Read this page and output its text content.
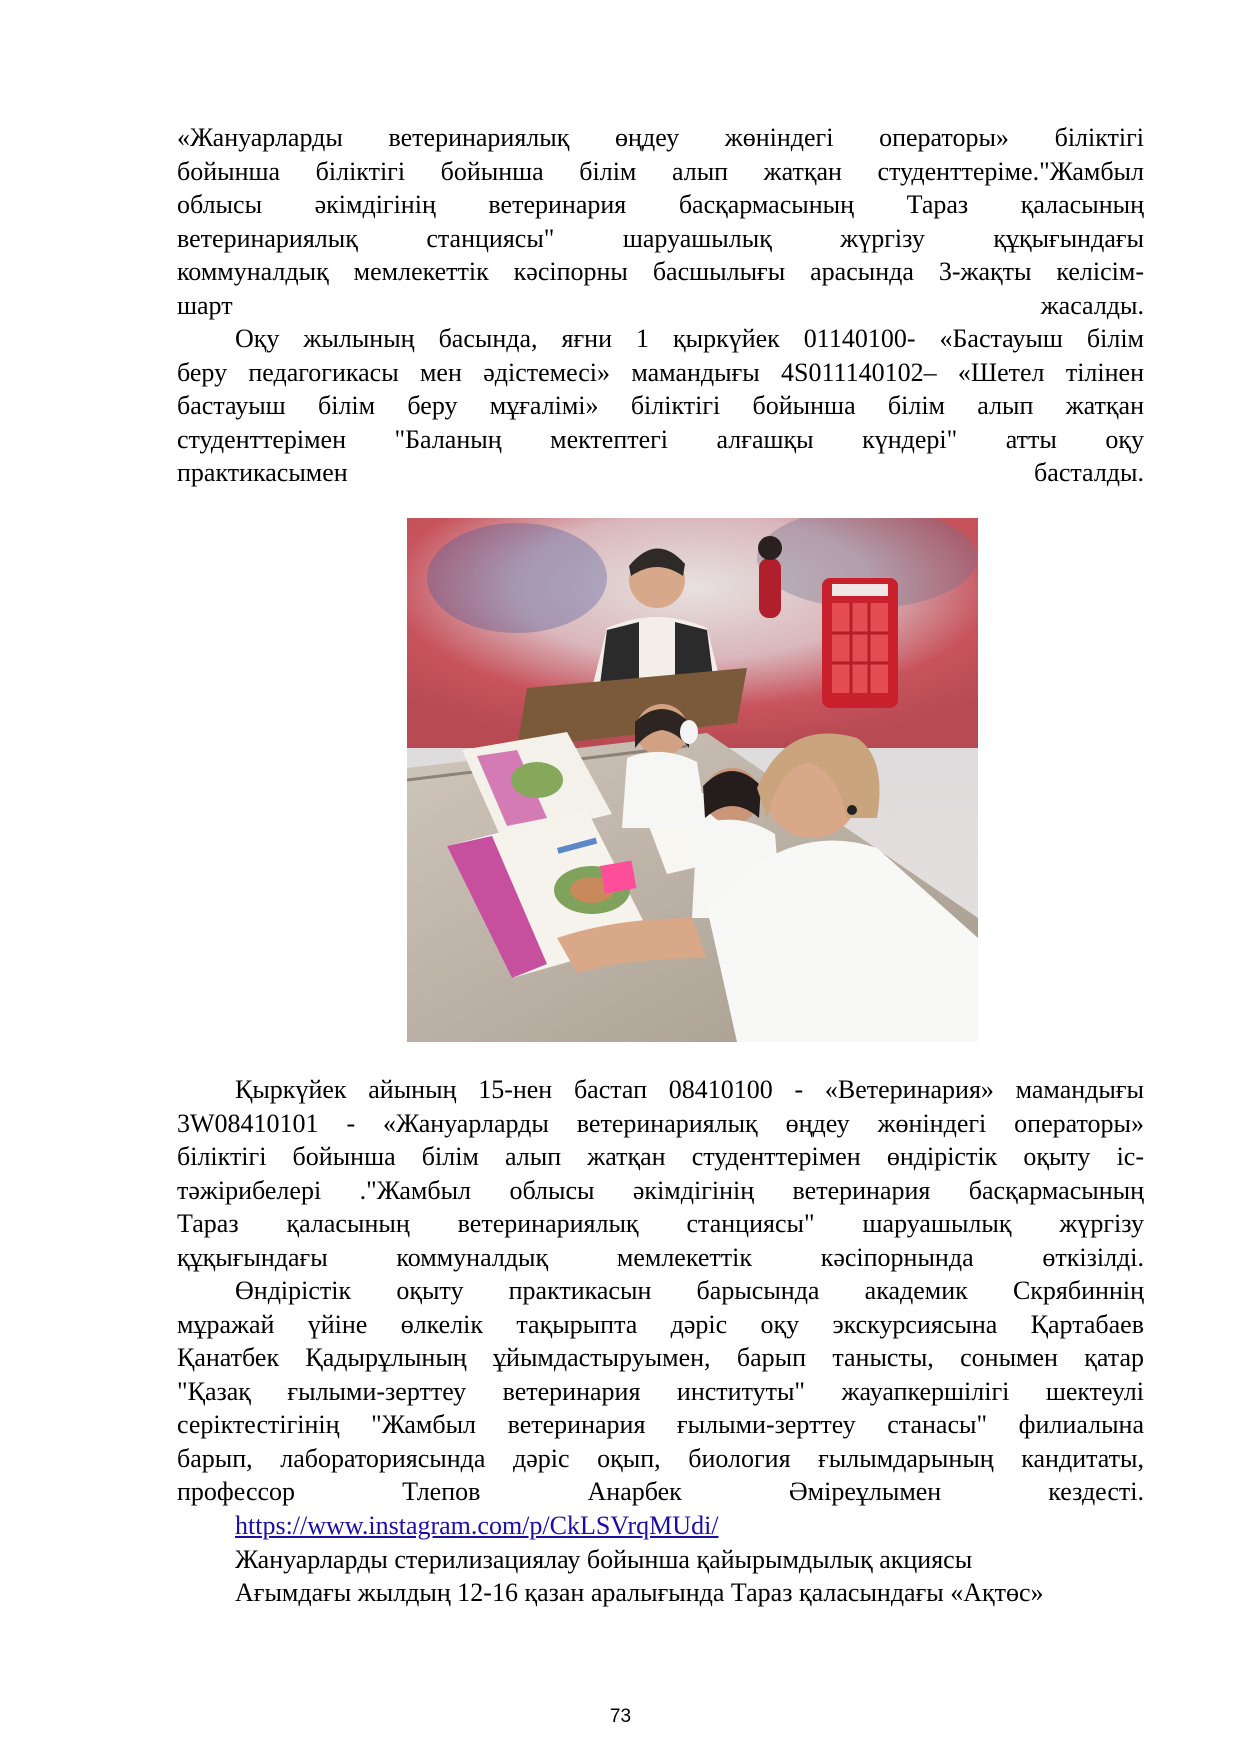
«Жануарларды ветеринариялық өңдеу жөніндегі операторы» біліктігі
бойынша біліктігі бойынша білім алып жатқан студенттеріме."Жамбыл
облысы әкімдігінің ветеринария басқармасының Тараз қаласының
ветеринариялық станциясы" шаруашылық жүргізу құқығындағы
коммуналдық мемлекеттік кәсіпорны басшылығы арасында 3-жақты келісім-
шарт жасалды.
Оқу жылының басында, яғни 1 қыркүйек 01140100- «Бастауыш білім
беру педагогикасы мен әдістемесі» мамандығы 4S011140102– «Шетел тілінен
бастауыш білім беру мұғалімі» біліктігі бойынша білім алып жатқан
студенттерімен "Баланың мектептегі алғашқы күндері" атты оқу
практикасымен басталды.
Қыркүйек айының 15-нен бастап 08410100 - «Ветеринария» мамандығы
3W08410101 - «Жануарларды ветеринариялық өңдеу жөніндегі операторы»
біліктігі бойынша білім алып жатқан студенттерімен өндірістік оқыту іс-
тәжірибелері ."Жамбыл облысы әкімдігінің ветеринария басқармасының
Тараз қаласының ветеринариялық станциясы" шаруашылық жүргізу
құқығындағы коммуналдық мемлекеттік кәсіпорнында өткізілді.
Өндірістік оқыту практикасын барысында академик Скрябиннің
мұражай үйіне өлкелік тақырыпта дәріс оқу экскурсиясына Қартабаев
Қанатбек Қадырұлының ұйымдастыруымен, барып танысты, сонымен қатар
"Қазақ ғылыми-зерттеу ветеринария институты" жауапкершілігі шектеулі
серіктестігінің "Жамбыл ветеринария ғылыми-зерттеу станасы" филиалына
барып, лабораториясында дәріс оқып, биология ғылымдарының кандитаты,
профессор Тлепов Анарбек Әміреұлымен кездесті.
https://www.instagram.com/p/CkLSVrqMUdi/
Жануарларды стерилизациялау бойынша қайырымдылық акциясы
Ағымдағы жылдың 12-16 қазан аралығында Тараз қаласындағы «Ақтөс»
73
